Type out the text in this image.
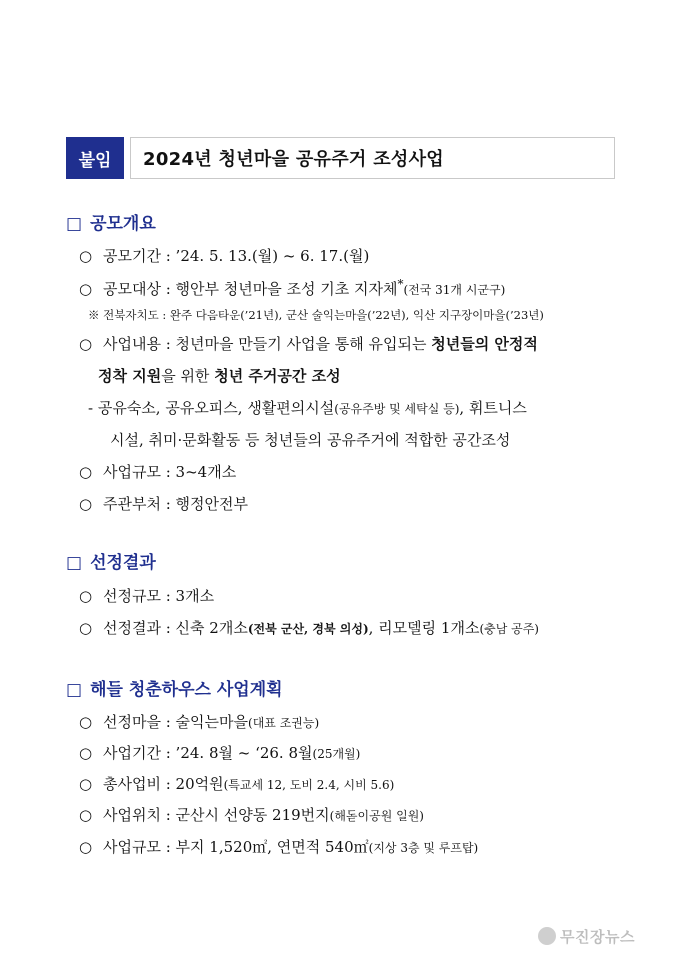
붙임	2024년 청년마을 공유주거 조성사업
□ 공모개요
○ 공모기간 : ’24. 5. 13.(월) ~ 6. 17.(월)
○ 공모대상 : 행안부 청년마을 조성 기초 지자체*(전국 31개 시군구)
※ 전북자치도 : 완주 다음타운(’21년), 군산 술익는마을(’22년), 익산 지구장이마을(’23년)
○ 사업내용 : 청년마을 만들기 사업을 통해 유입되는 청년들의 안정적
정착 지원을 위한 청년 주거공간 조성
- 공유숙소, 공유오피스, 생활편의시설(공유주방 및 세탁실 등), 휘트니스
시설, 취미·문화활동 등 청년들의 공유주거에 적합한 공간조성
○ 사업규모 : 3~4개소
○ 주관부처 : 행정안전부
□ 선정결과
○ 선정규모 : 3개소
○ 선정결과 : 신축 2개소(전북 군산, 경북 의성), 리모델링 1개소(충남 공주)
□ 해들 청춘하우스 사업계획
○ 선정마을 : 술익는마을(대표 조권능)
○ 사업기간 : ’24. 8월 ~ ‘26. 8월(25개월)
○ 총사업비 : 20억원(특교세 12, 도비 2.4, 시비 5.6)
○ 사업위치 : 군산시 선양동 219번지(해돋이공원 일원)
○ 사업규모 : 부지 1,520㎡, 연면적 540㎡(지상 3층 및 루프탑)
무진장뉴스
